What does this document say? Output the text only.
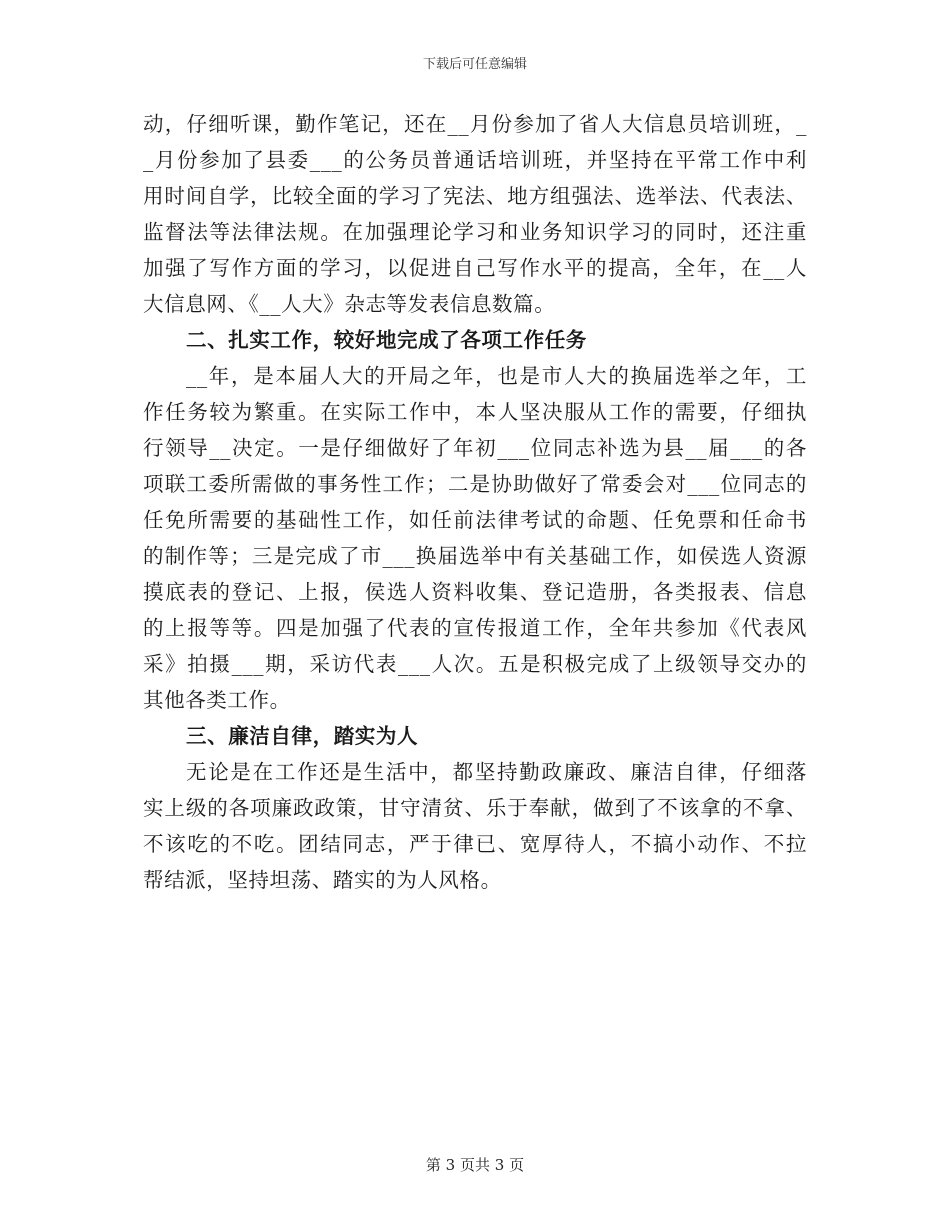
下载后可任意编辑
动，仔细听课，勤作笔记，还在__月份参加了省人大信息员培训班，_
_月份参加了县委___的公务员普通话培训班，并坚持在平常工作中利
用时间自学，比较全面的学习了宪法、地方组强法、选举法、代表法、
监督法等法律法规。在加强理论学习和业务知识学习的同时，还注重
加强了写作方面的学习，以促进自己写作水平的提高，全年，在__人
大信息网、《__人大》杂志等发表信息数篇。
二、扎实工作，较好地完成了各项工作任务
__年，是本届人大的开局之年，也是市人大的换届选举之年，工
作任务较为繁重。在实际工作中，本人坚决服从工作的需要，仔细执
行领导__决定。一是仔细做好了年初___位同志补选为县__届___的各
项联工委所需做的事务性工作；二是协助做好了常委会对___位同志的
任免所需要的基础性工作，如任前法律考试的命题、任免票和任命书
的制作等；三是完成了市___换届选举中有关基础工作，如侯选人资源
摸底表的登记、上报，侯选人资料收集、登记造册，各类报表、信息
的上报等等。四是加强了代表的宣传报道工作，全年共参加《代表风
采》拍摄___期，采访代表___人次。五是积极完成了上级领导交办的
其他各类工作。
三、廉洁自律，踏实为人
无论是在工作还是生活中，都坚持勤政廉政、廉洁自律，仔细落
实上级的各项廉政政策，甘守清贫、乐于奉献，做到了不该拿的不拿、
不该吃的不吃。团结同志，严于律已、宽厚待人，不搞小动作、不拉
帮结派，坚持坦荡、踏实的为人风格。
第 3 页共 3 页
